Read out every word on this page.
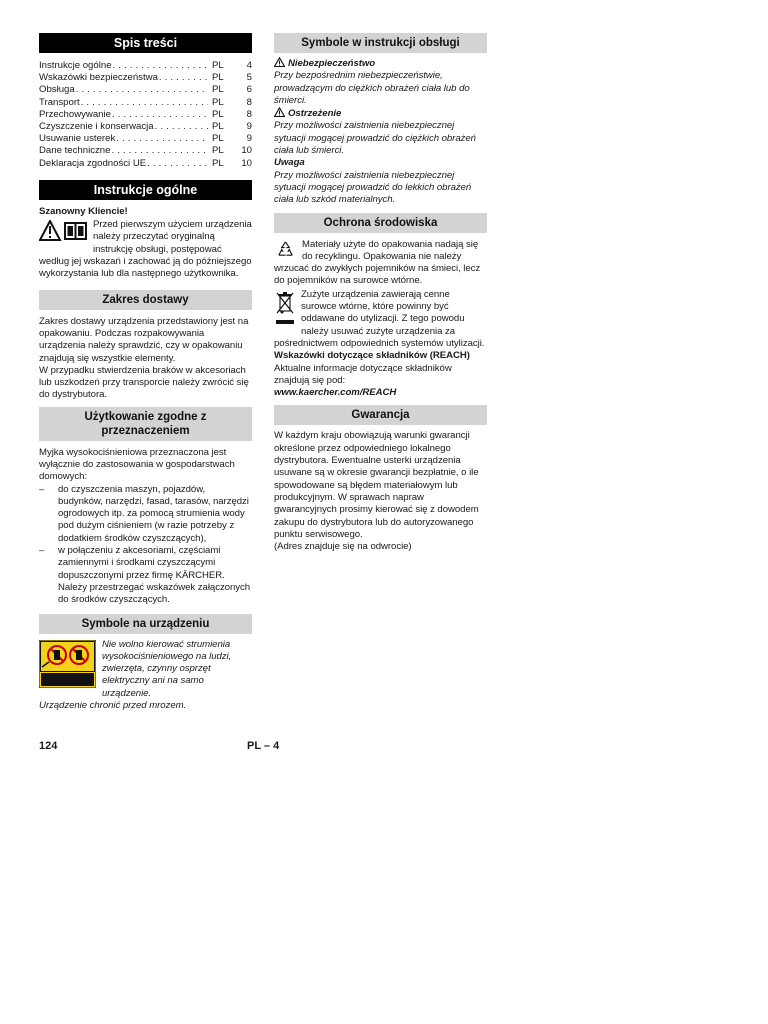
Spis treści
Instrukcje ogólne . . .	PL	4
Wskazówki bezpieczeństwa . . .	PL	5
Obsługa . . .	PL	6
Transport . . .	PL	8
Przechowywanie . . .	PL	8
Czyszczenie i konserwacja . . .	PL	9
Usuwanie usterek . . .	PL	9
Dane techniczne . . .	PL	10
Deklaracja zgodności UE . . .	PL	10
Instrukcje ogólne
Szanowny Kliencie!
Przed pierwszym użyciem urządzenia należy przeczytać oryginalną instrukcję obsługi, postępować według jej wskazań i zachować ją do późniejszego wykorzystania lub dla następnego użytkownika.
Zakres dostawy

Zakres dostawy urządzenia przedstawiony jest na opakowaniu. Podczas rozpakowywania urządzenia należy sprawdzić, czy w opakowaniu znajdują się wszystkie elementy.

W przypadku stwierdzenia braków w akcesoriach lub uszkodzeń przy transporcie należy zwrócić się do dystrybutora.

Użytkowanie zgodne z przeznaczeniem

Myjka wysokociśnieniowa przeznaczona jest wyłącznie do zastosowania w gospodarstwach domowych:

–	do czyszczenia maszyn, pojazdów, budynków, narzędzi, fasad, tarasów, narzędzi ogrodowych itp. za pomocą strumienia wody pod dużym ciśnieniem (w razie potrzeby z dodatkiem środków czyszczących),
–	w połączeniu z akcesoriami, częściami zamiennymi i środkami czyszczącymi dopuszczonymi przez firmę KÄRCHER. Należy przestrzegać wskazówek załączonych do środków czyszczących.
Symbole na urządzeniu
Nie wolno kierować strumienia wysokociśnieniowego na ludzi, zwierzęta, czynny osprzęt elektryczny ani na samo urządzenie.

Urządzenie chronić przed mrozem.

Symbole w instrukcji obsługi
Niebezpieczeństwo

Przy bezpośrednim niebezpieczeństwie, prowadzącym do ciężkich obrażeń ciała lub do śmierci.

Ostrzeżenie

Przy możliwości zaistnienia niebezpiecznej sytuacji mogącej prowadzić do ciężkich obrażeń ciała lub śmierci.

Uwaga

Przy możliwości zaistnienia niebezpiecznej sytuacji mogącej prowadzić do lekkich obrażeń ciała lub szkód materialnych.

Ochrona środowiska
Materiały użyte do opakowania nadają się do recyklingu. Opakowania nie należy wrzucać do zwykłych pojemników na śmieci, lecz do pojemników na surowce wtórne.
Zużyte urządzenia zawierają cenne surowce wtórne, które powinny być oddawane do utylizacji. Z tego powodu należy usuwać zużyte urządzenia za pośrednictwem odpowiednich systemów utylizacji.
Wskazówki dotyczące składników (REACH)

Aktualne informacje dotyczące składników znajdują się pod:

www.kaercher.com/REACH

Gwarancja

W każdym kraju obowiązują warunki gwarancji określone przez odpowiedniego lokalnego dystrybutora. Ewentualne usterki urządzenia usuwane są w okresie gwarancji bezpłatnie, o ile spowodowane są błędem materiałowym lub produkcyjnym. W sprawach napraw gwarancyjnych prosimy kierować się z dowodem zakupu do dystrybutora lub do autoryzowanego punktu serwisowego.

(Adres znajduje się na odwrocie)

124	PL – 4
